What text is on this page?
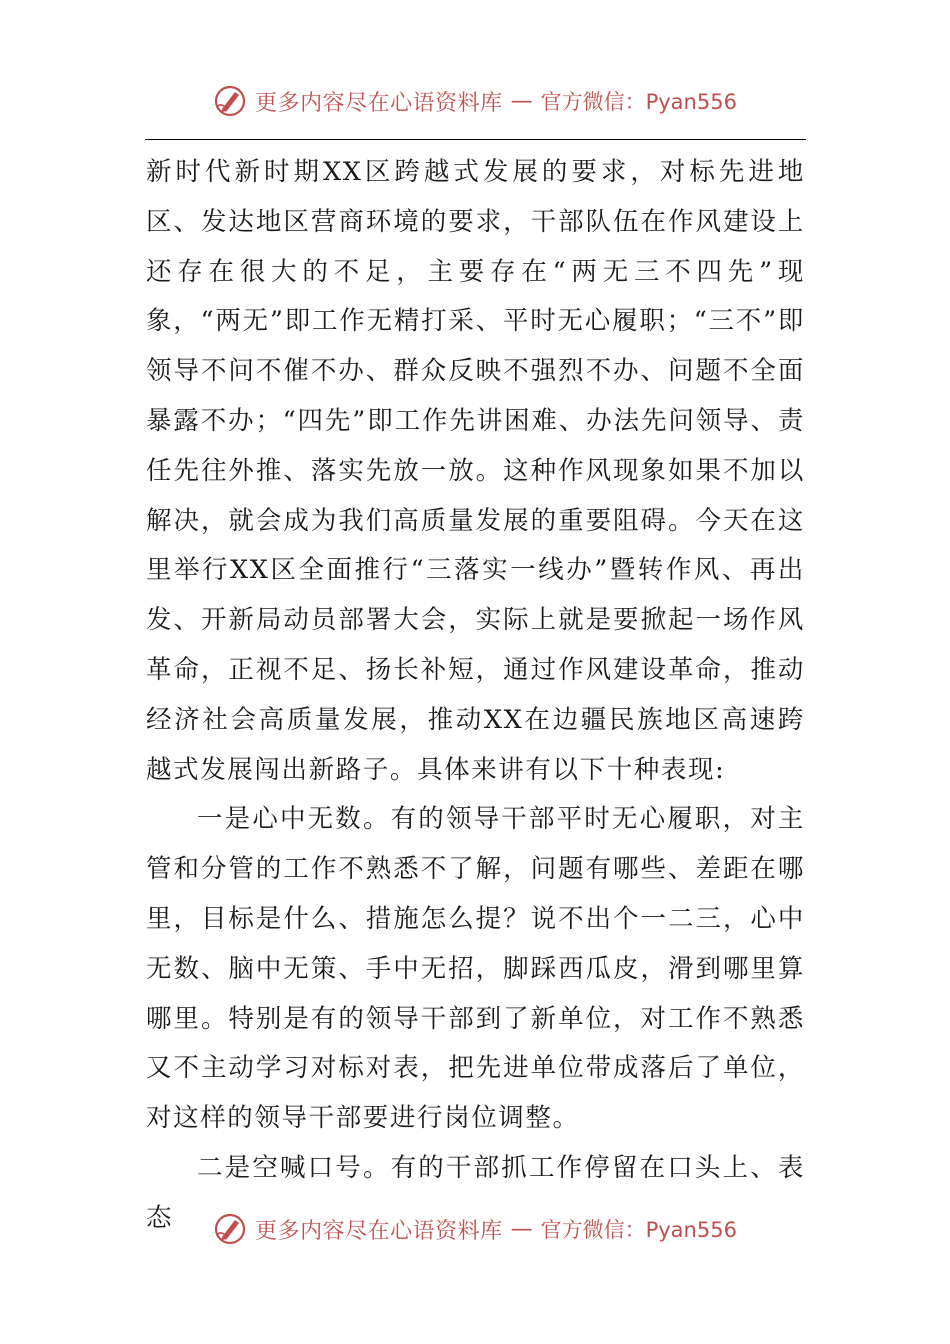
更多内容尽在心语资料库 — 官方微信：Pyan556

新时代新时期XX区跨越式发展的要求，对标先进地区、发达地区营商环境的要求，干部队伍在作风建设上还存在很大的不足，主要存在“两无三不四先”现象，“两无”即工作无精打采、平时无心履职；“三不”即领导不问不催不办、群众反映不强烈不办、问题不全面暴露不办；“四先”即工作先讲困难、办法先问领导、责任先往外推、落实先放一放。这种作风现象如果不加以解决，就会成为我们高质量发展的重要阻碍。今天在这里举行XX区全面推行“三落实一线办”暨转作风、再出发、开新局动员部署大会，实际上就是要掀起一场作风革命，正视不足、扬长补短，通过作风建设革命，推动经济社会高质量发展，推动XX在边疆民族地区高速跨越式发展闯出新路子。具体来讲有以下十种表现:

一是心中无数。有的领导干部平时无心履职，对主管和分管的工作不熟悉不了解，问题有哪些、差距在哪里，目标是什么、措施怎么提？说不出个一二三，心中无数、脑中无策、手中无招，脚踩西瓜皮，滑到哪里算哪里。特别是有的领导干部到了新单位，对工作不熟悉又不主动学习对标对表，把先进单位带成落后了单位，对这样的领导干部要进行岗位调整。

二是空喊口号。有的干部抓工作停留在口头上、表态	更多内容尽在心语资料库 — 官方微信：Pyan556
